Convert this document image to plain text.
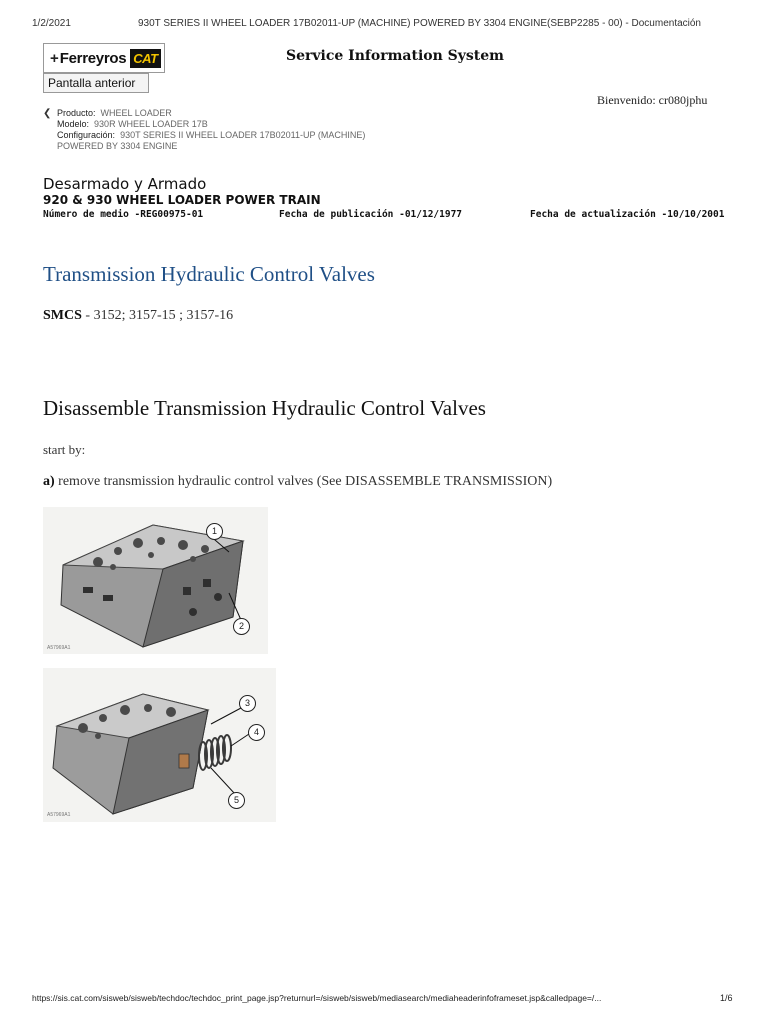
1/2/2021	930T SERIES II WHEEL LOADER 17B02011-UP (MACHINE) POWERED BY 3304 ENGINE(SEBP2285 - 00) - Documentación
+ Ferreyros CAT
Pantalla anterior
Service Information System
Bienvenido: cr080jphu
❮ Producto: WHEEL LOADER
Modelo: 930R WHEEL LOADER 17B
Configuración: 930T SERIES II WHEEL LOADER 17B02011-UP (MACHINE)
POWERED BY 3304 ENGINE
Desarmado y Armado
920 & 930 WHEEL LOADER POWER TRAIN
Número de medio -REG00975-01	Fecha de publicación -01/12/1977	Fecha de actualización -10/10/2001
Transmission Hydraulic Control Valves
SMCS - 3152; 3157-15 ; 3157-16
Disassemble Transmission Hydraulic Control Valves
start by:
a) remove transmission hydraulic control valves (See DISASSEMBLE TRANSMISSION)
1
2
A57969A1
3
4
5
A57969A1
https://sis.cat.com/sisweb/sisweb/techdoc/techdoc_print_page.jsp?returnurl=/sisweb/sisweb/mediasearch/mediaheaderinfoframeset.jsp&calledpage=/...	1/6
